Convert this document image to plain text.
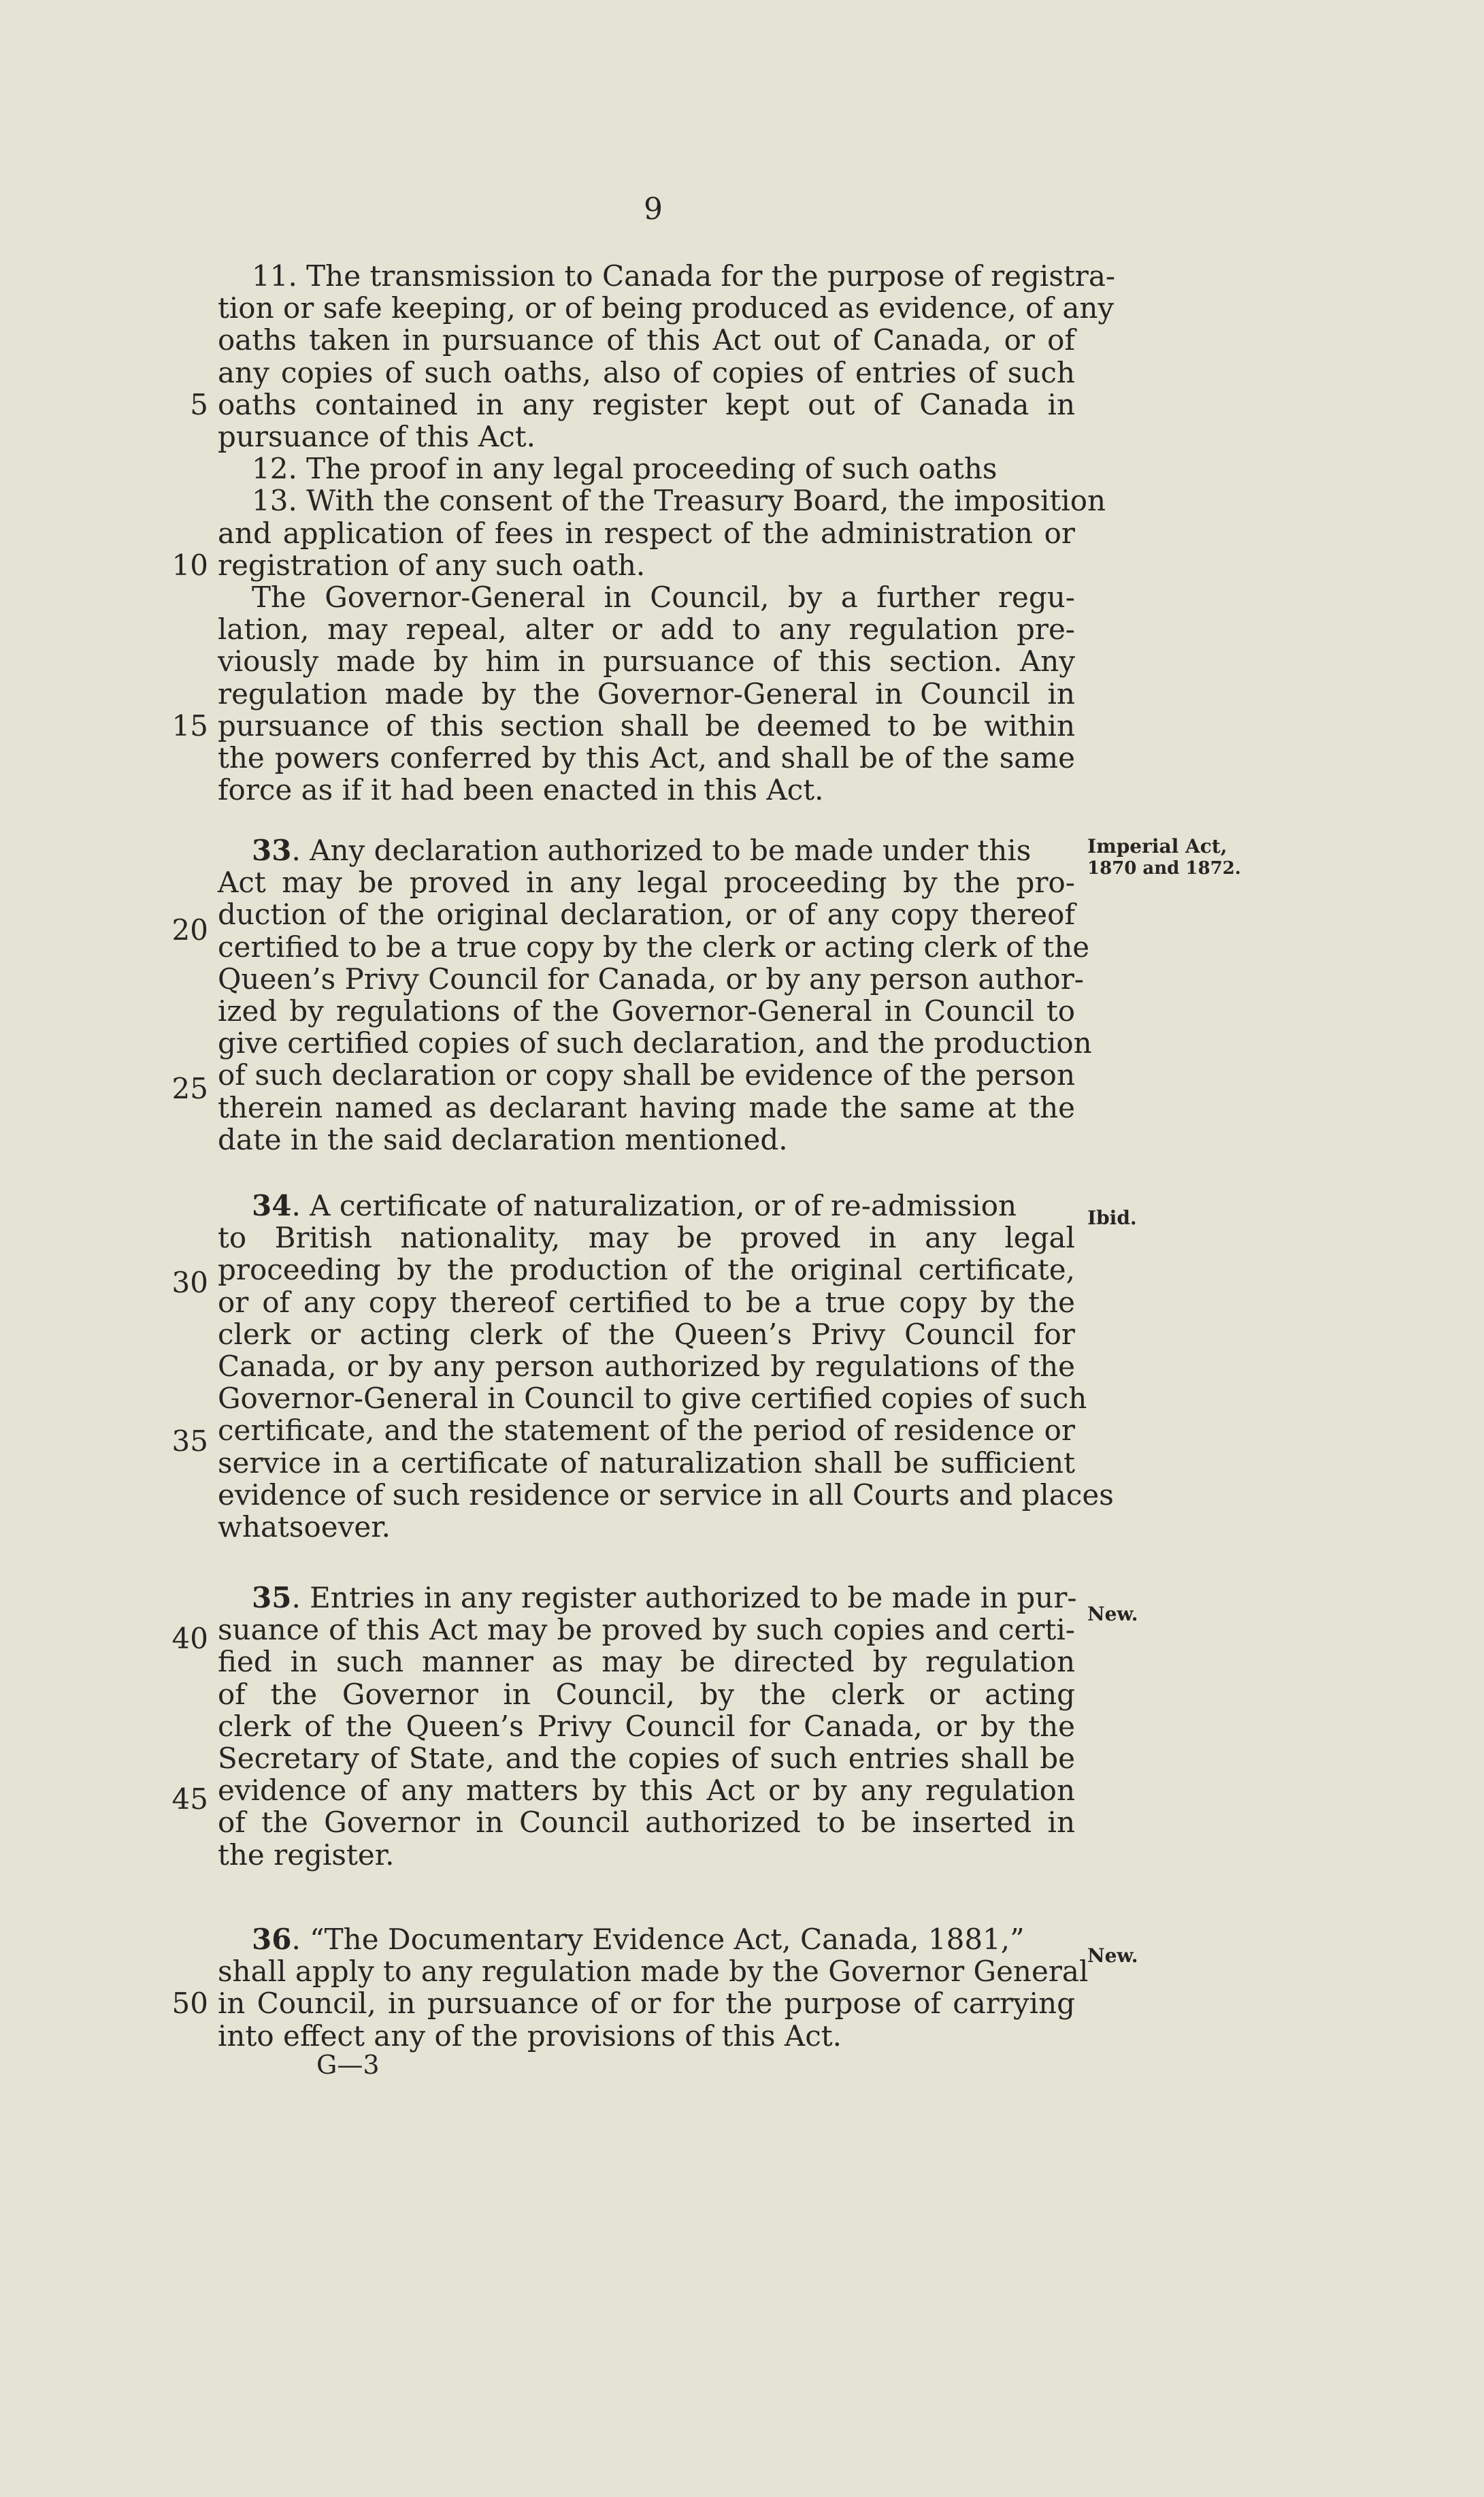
9
11. The transmission to Canada for the purpose of registra-
tion or safe keeping, or of being produced as evidence, of any
oaths taken in pursuance of this Act out of Canada, or of
any copies of such oaths, also of copies of entries of such
oaths contained in any register kept out of Canada in
pursuance of this Act.
12. The proof in any legal proceeding of such oaths
13. With the consent of the Treasury Board, the imposition
and application of fees in respect of the administration or
registration of any such oath.
The Governor-General in Council, by a further regu-
lation, may repeal, alter or add to any regulation pre-
viously made by him in pursuance of this section. Any
regulation made by the Governor-General in Council in
pursuance of this section shall be deemed to be within
the powers conferred by this Act, and shall be of the same
force as if it had been enacted in this Act.
33. Any declaration authorized to be made under this
Act may be proved in any legal proceeding by the pro-
duction of the original declaration, or of any copy thereof
certified to be a true copy by the clerk or acting clerk of the
Queen’s Privy Council for Canada, or by any person author-
ized by regulations of the Governor-General in Council to
give certified copies of such declaration, and the production
of such declaration or copy shall be evidence of the person
therein named as declarant having made the same at the
date in the said declaration mentioned.
34. A certificate of naturalization, or of re-admission
to British nationality, may be proved in any legal
proceeding by the production of the original certificate,
or of any copy thereof certified to be a true copy by the
clerk or acting clerk of the Queen’s Privy Council for
Canada, or by any person authorized by regulations of the
Governor-General in Council to give certified copies of such
certificate, and the statement of the period of residence or
service in a certificate of naturalization shall be sufficient
evidence of such residence or service in all Courts and places
whatsoever.
35. Entries in any register authorized to be made in pur-
suance of this Act may be proved by such copies and certi-
fied in such manner as may be directed by regulation
of the Governor in Council, by the clerk or acting
clerk of the Queen’s Privy Council for Canada, or by the
Secretary of State, and the copies of such entries shall be
evidence of any matters by this Act or by any regulation
of the Governor in Council authorized to be inserted in
the register.
36. “The Documentary Evidence Act, Canada, 1881,”
shall apply to any regulation made by the Governor General
in Council, in pursuance of or for the purpose of carrying
into effect any of the provisions of this Act.
5
10
15
20
25
30
35
40
45
50
Imperial Act,
1870 and 1872.
Ibid.
New.
New.
G—3
